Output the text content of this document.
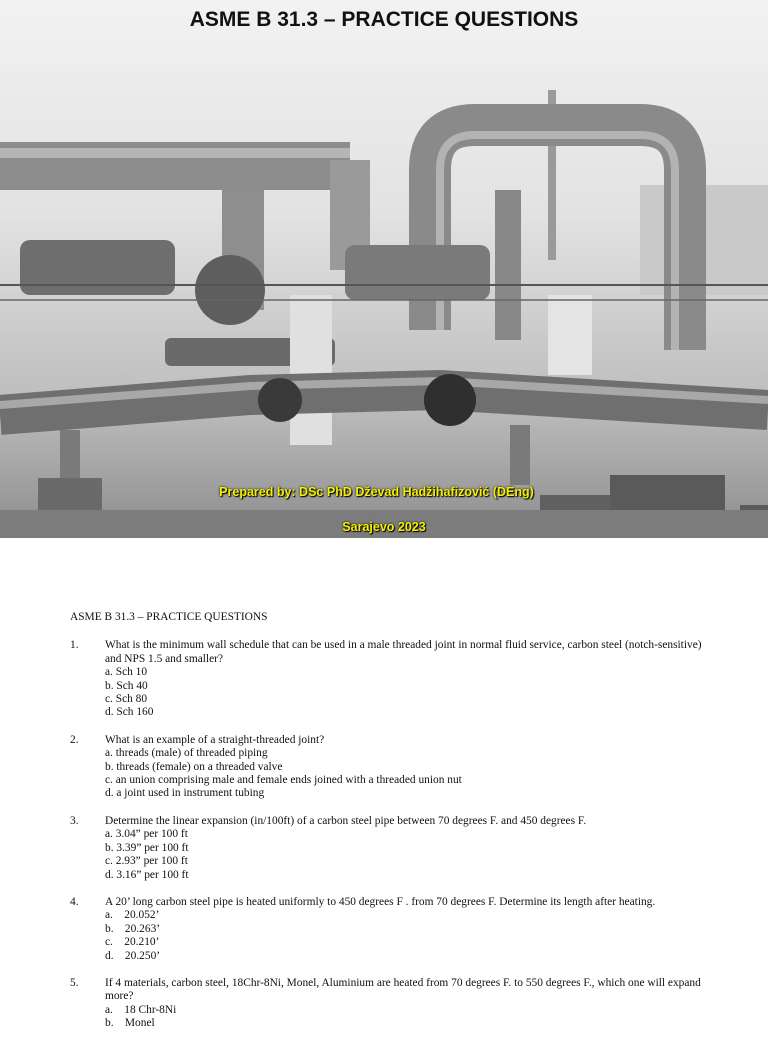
ASME B 31.3 – PRACTICE QUESTIONS
Prepared by: DSc PhD Dževad Hadžihafizović (DEng)
Sarajevo 2023
ASME B 31.3 – PRACTICE QUESTIONS
1. What is the minimum wall schedule that can be used in a male threaded joint in normal fluid service, carbon steel (notch-sensitive) and NPS 1.5 and smaller?
a. Sch 10
b. Sch 40
c. Sch 80
d. Sch 160
2. What is an example of a straight-threaded joint?
a. threads (male) of threaded piping
b. threads (female) on a threaded valve
c. an union comprising male and female ends joined with a threaded union nut
d. a joint used in instrument tubing
3. Determine the linear expansion (in/100ft) of a carbon steel pipe between 70 degrees F. and 450 degrees F.
a. 3.04” per 100 ft
b. 3.39” per 100 ft
c. 2.93” per 100 ft
d. 3.16” per 100 ft
4. A 20’ long carbon steel pipe is heated uniformly to 450 degrees F . from 70 degrees F. Determine its length after heating.
a.    20.052’
b.    20.263’
c.    20.210’
d.    20.250’
5. If 4 materials, carbon steel, 18Chr-8Ni, Monel, Aluminium are heated from 70 degrees F. to 550 degrees F., which one will expand more?
a.    18 Chr-8Ni
b.    Monel
